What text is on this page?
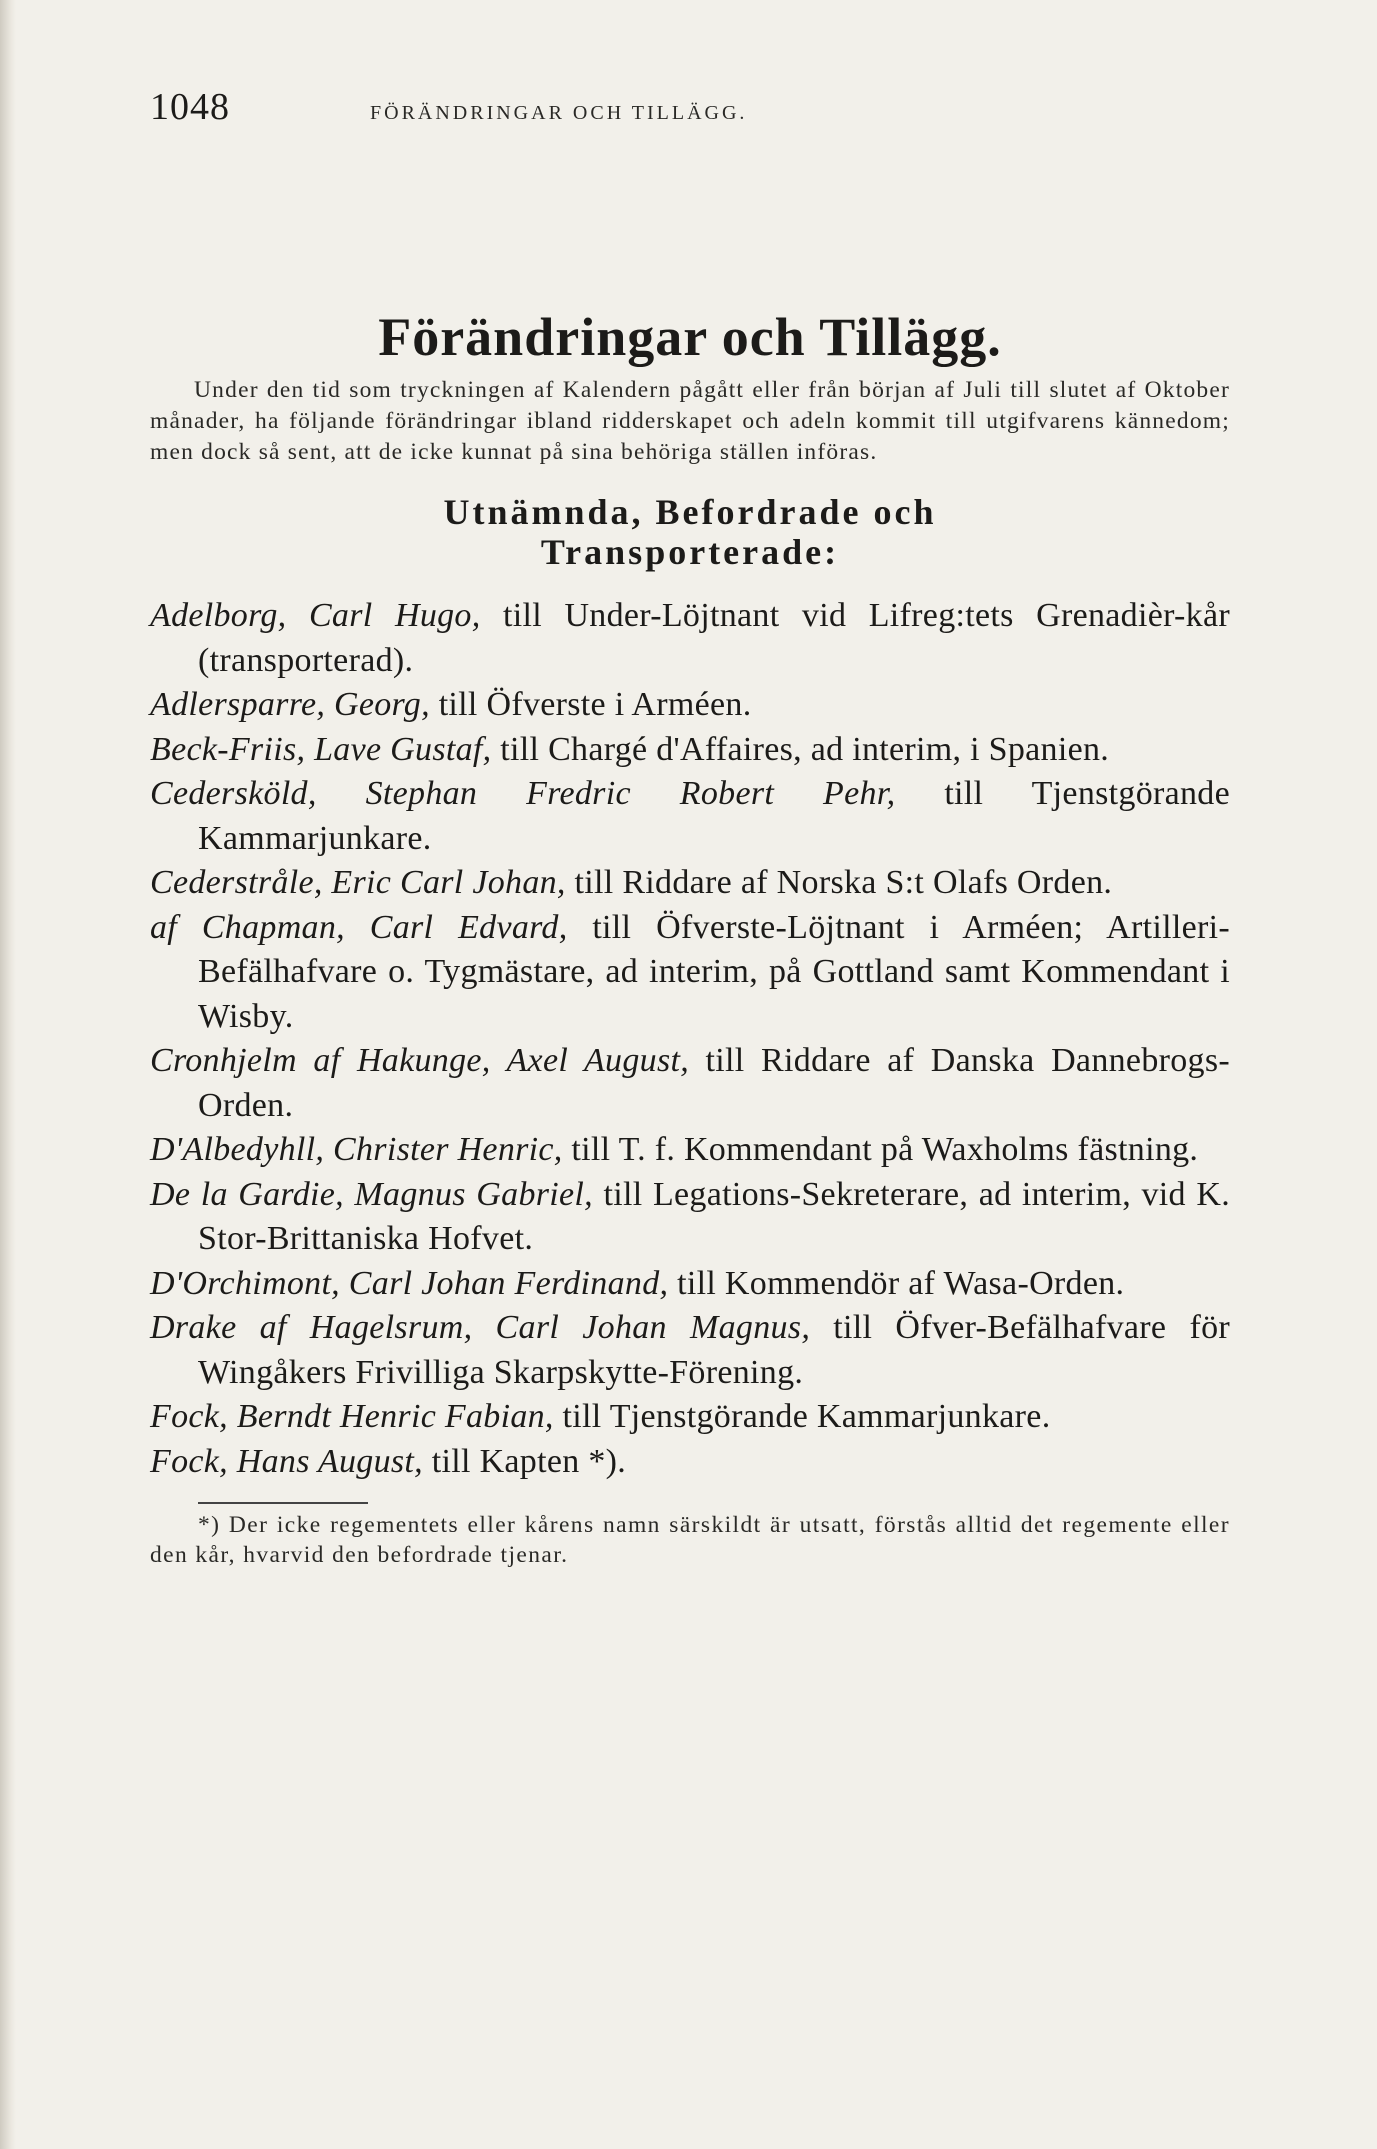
1048	FÖRÄNDRINGAR OCH TILLÄGG.
Förändringar och Tillägg.

Under den tid som tryckningen af Kalendern pågått eller från början af Juli till slutet af Oktober månader, ha följande förändringar ibland ridderskapet och adeln kommit till utgifvarens kännedom; men dock så sent, att de icke kunnat på sina behöriga ställen införas.

Utnämnda, Befordrade och
Transporterade:

Adelborg, Carl Hugo, till Under-Löjtnant vid Lifreg:tets Grenadièr-kår (transporterad).

Adlersparre, Georg, till Öfverste i Arméen.

Beck-Friis, Lave Gustaf, till Chargé d'Affaires, ad interim, i Spanien.

Cedersköld, Stephan Fredric Robert Pehr, till Tjenstgörande Kammarjunkare.

Cederstråle, Eric Carl Johan, till Riddare af Norska S:t Olafs Orden.

af Chapman, Carl Edvard, till Öfverste-Löjtnant i Arméen; Artilleri-Befälhafvare o. Tygmästare, ad interim, på Gottland samt Kommendant i Wisby.

Cronhjelm af Hakunge, Axel August, till Riddare af Danska Dannebrogs-Orden.

D'Albedyhll, Christer Henric, till T. f. Kommendant på Waxholms fästning.

De la Gardie, Magnus Gabriel, till Legations-Sekreterare, ad interim, vid K. Stor-Brittaniska Hofvet.

D'Orchimont, Carl Johan Ferdinand, till Kommendör af Wasa-Orden.

Drake af Hagelsrum, Carl Johan Magnus, till Öfver-Befälhafvare för Wingåkers Frivilliga Skarpskytte-Förening.

Fock, Berndt Henric Fabian, till Tjenstgörande Kammarjunkare.

Fock, Hans August, till Kapten *).

*) Der icke regementets eller kårens namn särskildt är utsatt, förstås alltid det regemente eller den kår, hvarvid den befordrade tjenar.
